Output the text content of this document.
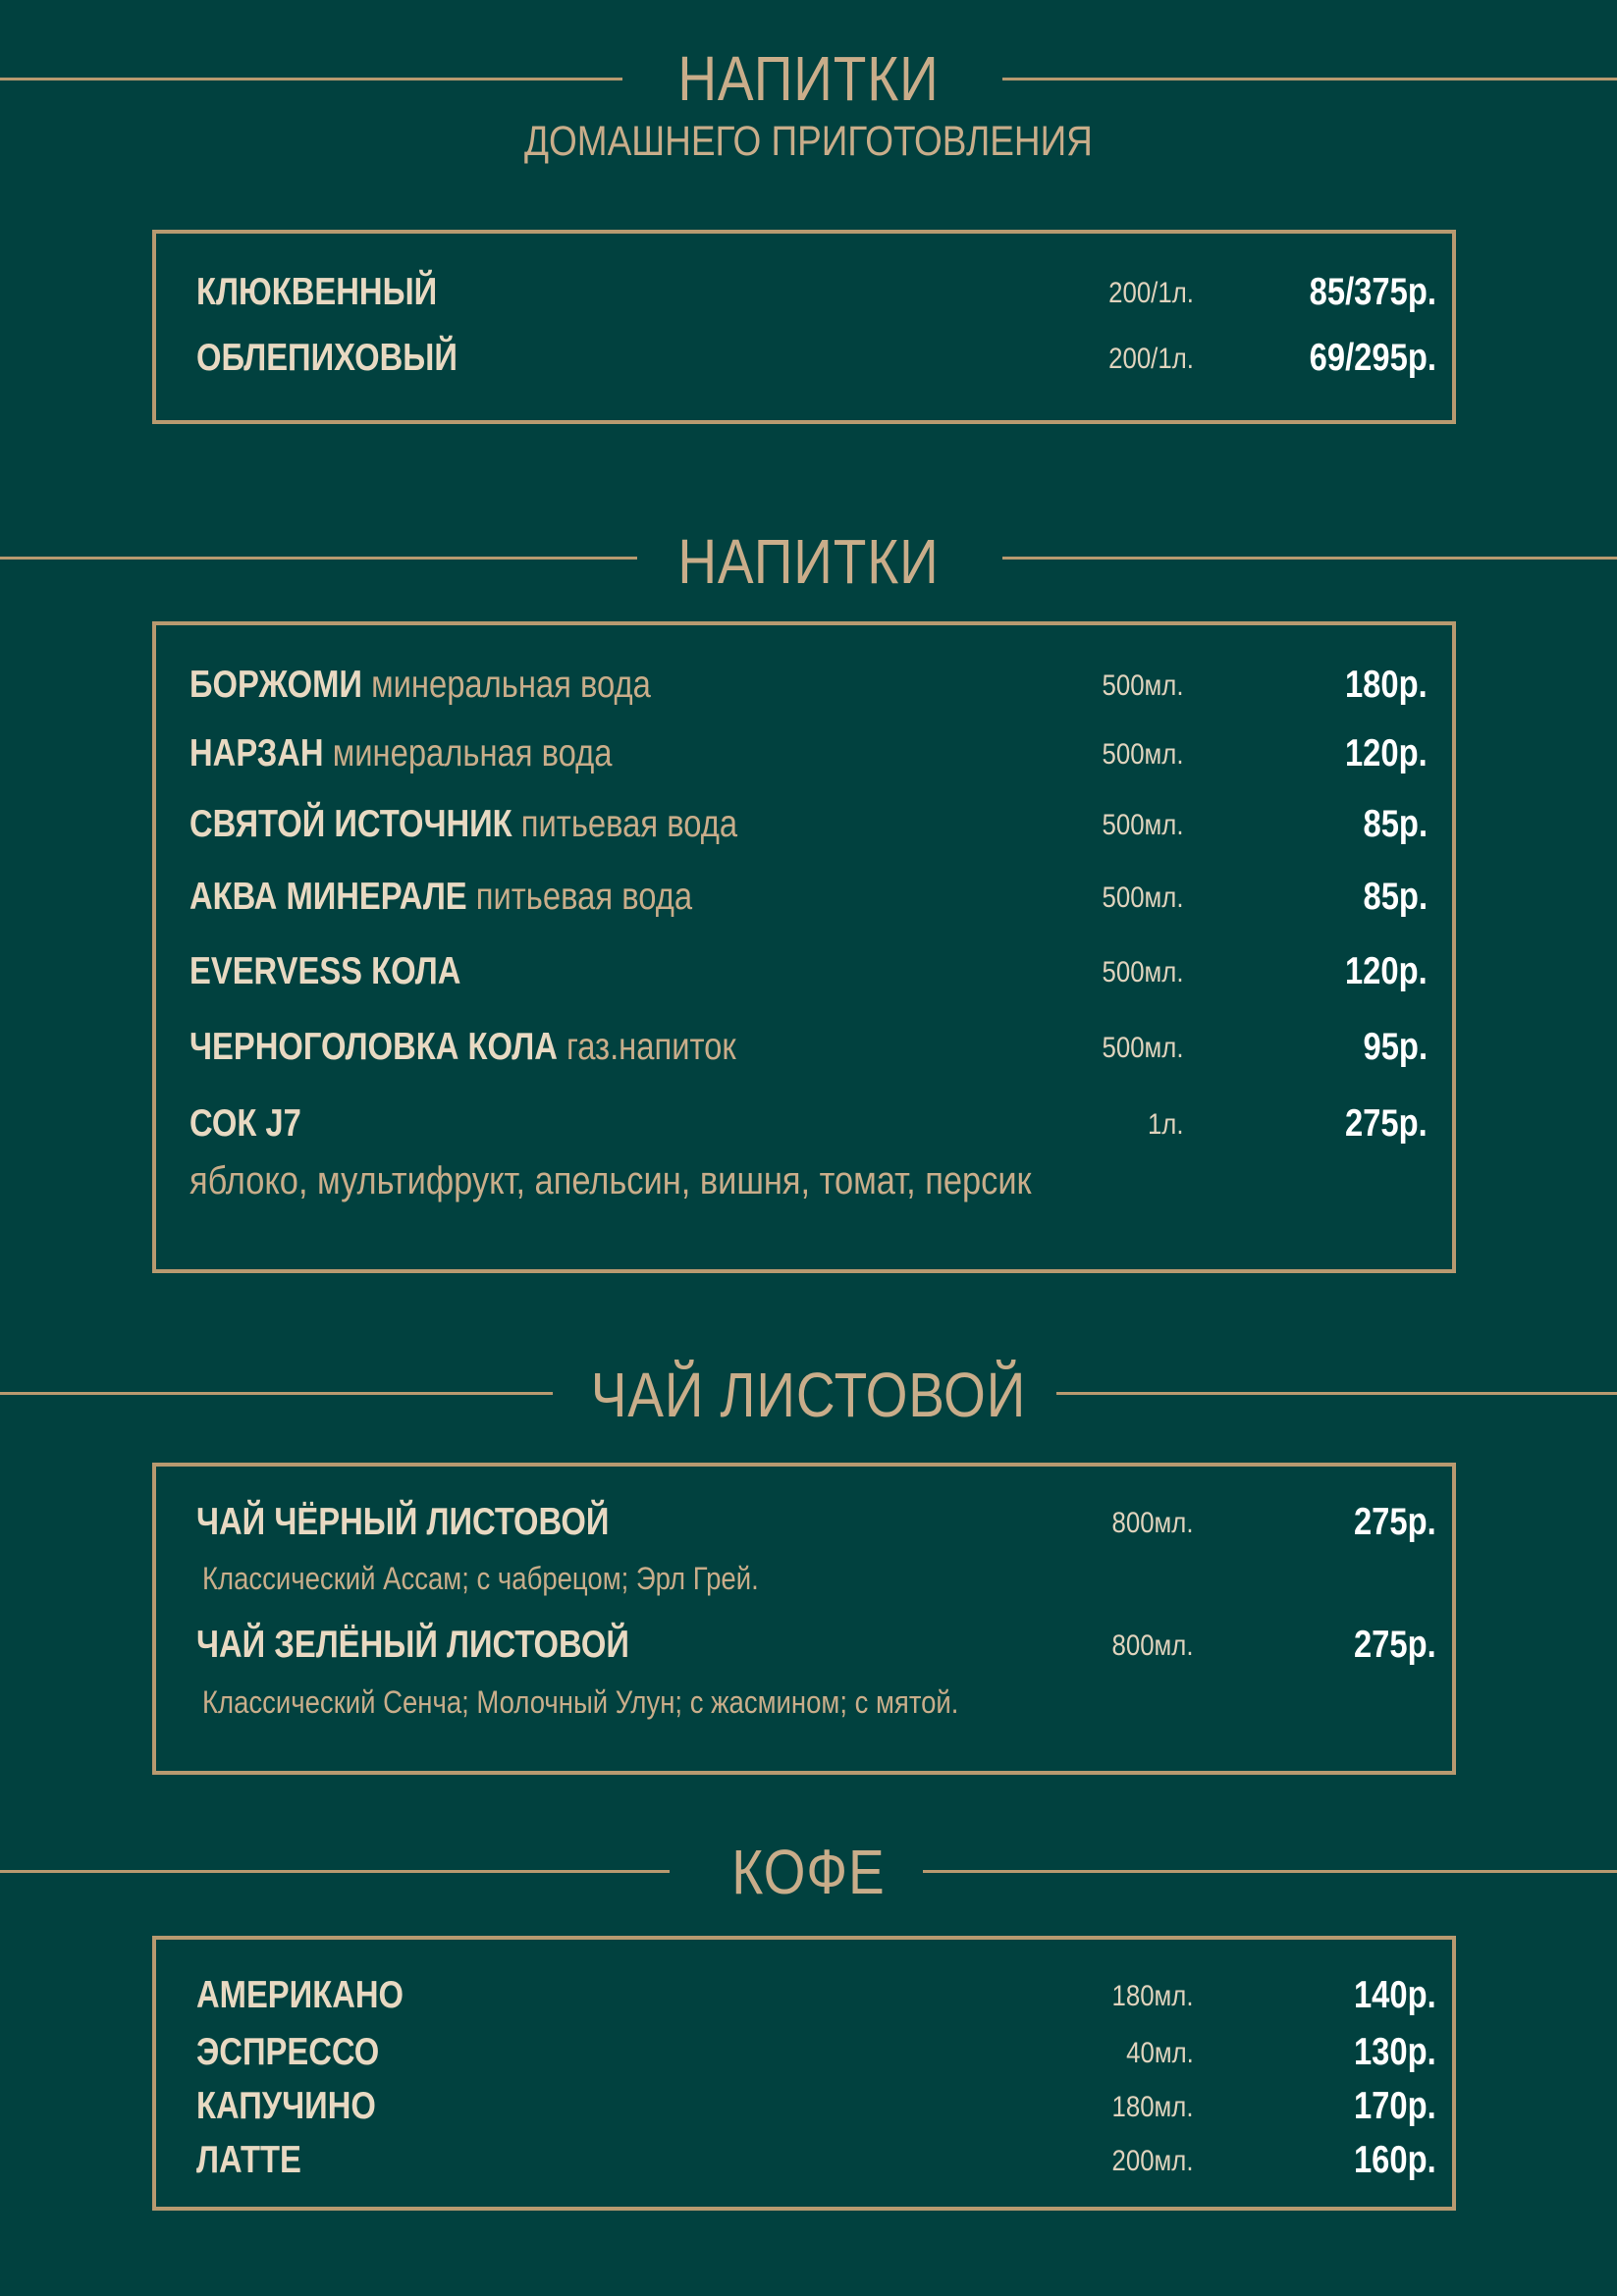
НАПИТКИ
ДОМАШНЕГО ПРИГОТОВЛЕНИЯ
КЛЮКВЕННЫЙ	200/1л.	85/375р.
ОБЛЕПИХОВЫЙ	200/1л.	69/295р.
НАПИТКИ
БОРЖОМИ минеральная вода	500мл.	180р.
НАРЗАН минеральная вода	500мл.	120р.
СВЯТОЙ ИСТОЧНИК питьевая вода	500мл.	85р.
АКВА МИНЕРАЛЕ питьевая вода	500мл.	85р.
EVERVESS КОЛА	500мл.	120р.
ЧЕРНОГОЛОВКА КОЛА газ.напиток	500мл.	95р.
СОК J7	1л.	275р.
яблоко, мультифрукт, апельсин, вишня, томат, персик
ЧАЙ ЛИСТОВОЙ
ЧАЙ ЧЁРНЫЙ ЛИСТОВОЙ	800мл.	275р.
Классический Ассам; с чабрецом; Эрл Грей.
ЧАЙ ЗЕЛЁНЫЙ ЛИСТОВОЙ	800мл.	275р.
Классический Сенча; Молочный Улун; с жасмином; с мятой.
КОФЕ
АМЕРИКАНО	180мл.	140р.
ЭСПРЕССО	40мл.	130р.
КАПУЧИНО	180мл.	170р.
ЛАТТЕ	200мл.	160р.
